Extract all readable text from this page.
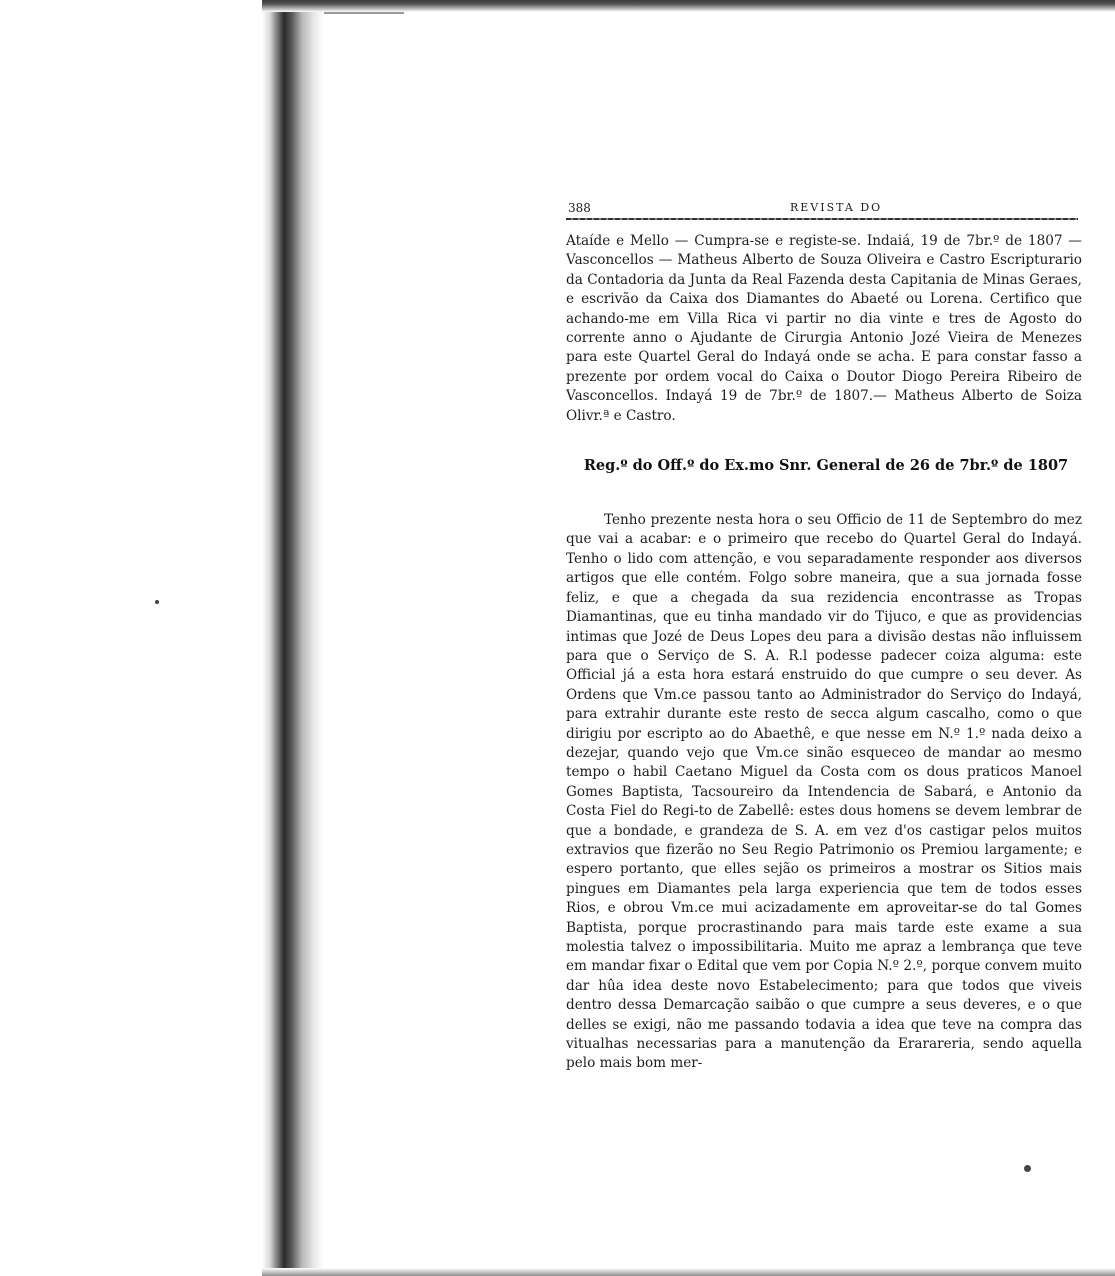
388	REVISTA DO

Ataíde e Mello — Cumpra-se e registe-se. Indaiá, 19 de 7br.º de 1807 — Vasconcellos — Matheus Alberto de Souza Oliveira e Castro Escripturario da Contadoria da Junta da Real Fazenda desta Capitania de Minas Geraes, e escrivão da Caixa dos Diamantes do Abaeté ou Lorena. Certifico que achando-me em Villa Rica vi partir no dia vinte e tres de Agosto do corrente anno o Ajudante de Cirurgia Antonio Jozé Vieira de Menezes para este Quartel Geral do Indayá onde se acha. E para constar fasso a prezente por ordem vocal do Caixa o Doutor Diogo Pereira Ribeiro de Vasconcellos. Indayá 19 de 7br.º de 1807.— Matheus Alberto de Soiza Olivr.ª e Castro.

Reg.º do Off.º do Ex.mo Snr. General de 26 de 7br.º de 1807

Tenho prezente nesta hora o seu Officio de 11 de Septembro do mez que vai a acabar: e o primeiro que recebo do Quartel Geral do Indayá. Tenho o lido com attenção, e vou separadamente responder aos diversos artigos que elle contém. Folgo sobre maneira, que a sua jornada fosse feliz, e que a chegada da sua rezidencia encontrasse as Tropas Diamantinas, que eu tinha mandado vir do Tijuco, e que as providencias intimas que Jozé de Deus Lopes deu para a divisão destas não influissem para que o Serviço de S. A. R.l podesse padecer coiza alguma: este Official já a esta hora estará enstruido do que cumpre o seu dever. As Ordens que Vm.ce passou tanto ao Administrador do Serviço do Indayá, para extrahir durante este resto de secca algum cascalho, como o que dirigiu por escripto ao do Abaethê, e que nesse em N.º 1.º nada deixo a dezejar, quando vejo que Vm.ce sinão esqueceo de mandar ao mesmo tempo o habil Caetano Miguel da Costa com os dous praticos Manoel Gomes Baptista, Tacsoureiro da Intendencia de Sabará, e Antonio da Costa Fiel do Regi-to de Zabellê: estes dous homens se devem lembrar de que a bondade, e grandeza de S. A. em vez d'os castigar pelos muitos extravios que fizerão no Seu Regio Patrimonio os Premiou largamente; e espero portanto, que elles sejão os primeiros a mostrar os Sitios mais pingues em Diamantes pela larga experiencia que tem de todos esses Rios, e obrou Vm.ce mui acizadamente em aproveitar-se do tal Gomes Baptista, porque procrastinando para mais tarde este exame a sua molestia talvez o impossibilitaria. Muito me apraz a lembrança que teve em mandar fixar o Edital que vem por Copia N.º 2.º, porque convem muito dar hûa idea deste novo Estabelecimento; para que todos que viveis dentro dessa Demarcação saibão o que cumpre a seus deveres, e o que delles se exigi, não me passando todavia a idea que teve na compra das vitualhas necessarias para a manutenção da Erarareria, sendo aquella pelo mais bom mer-
